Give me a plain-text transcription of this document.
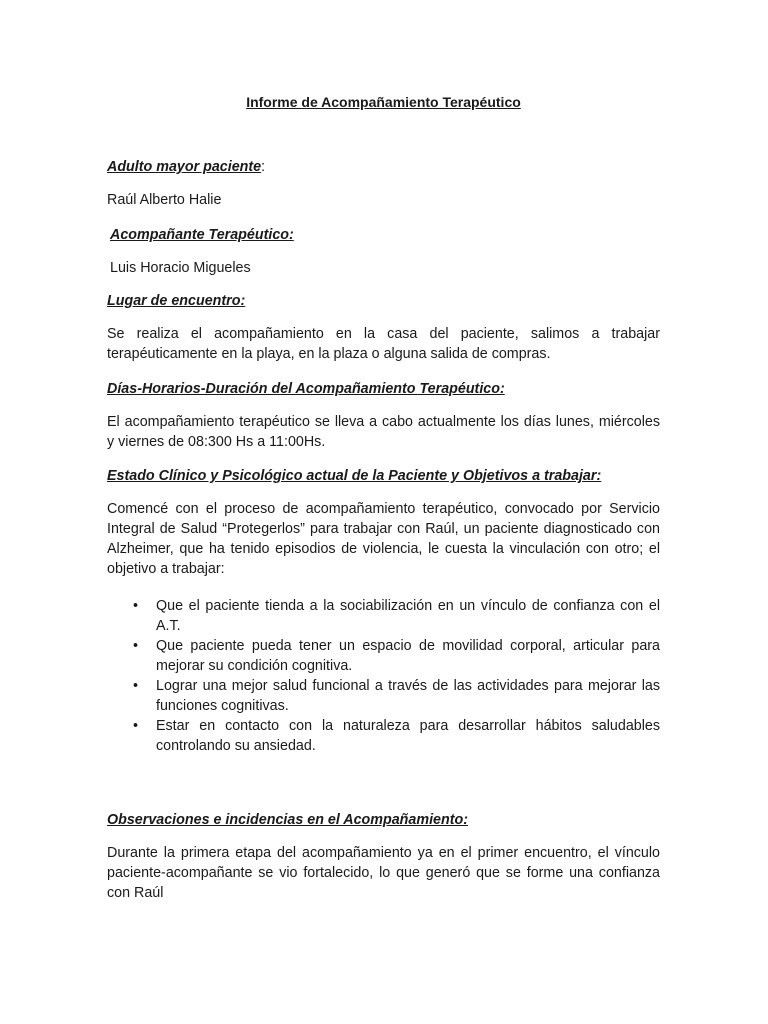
Informe de Acompañamiento Terapéutico

Adulto mayor paciente:

Raúl Alberto Halie

Acompañante Terapéutico:

Luis Horacio Migueles

Lugar de encuentro:

Se realiza el acompañamiento en la casa del paciente, salimos a trabajar terapéuticamente en la playa, en la plaza o alguna salida de compras.

Días-Horarios-Duración del Acompañamiento Terapéutico:

El acompañamiento terapéutico se lleva a cabo actualmente los días lunes, miércoles y viernes de 08:300 Hs a 11:00Hs.

Estado Clínico y Psicológico actual de la Paciente y Objetivos a trabajar:

Comencé con el proceso de acompañamiento terapéutico, convocado por Servicio Integral de Salud “Protegerlos” para trabajar con Raúl, un paciente diagnosticado con Alzheimer, que ha tenido episodios de violencia, le cuesta la vinculación con otro; el objetivo a trabajar:

• Que el paciente tienda a la sociabilización en un vínculo de confianza con el A.T.
• Que paciente pueda tener un espacio de movilidad corporal, articular para mejorar su condición cognitiva.
• Lograr una mejor salud funcional a través de las actividades para mejorar las funciones cognitivas.
• Estar en contacto con la naturaleza para desarrollar hábitos saludables controlando su ansiedad.

Observaciones e incidencias en el Acompañamiento:

Durante la primera etapa del acompañamiento ya en el primer encuentro, el vínculo paciente-acompañante se vio fortalecido, lo que generó que se forme una confianza con Raúl
